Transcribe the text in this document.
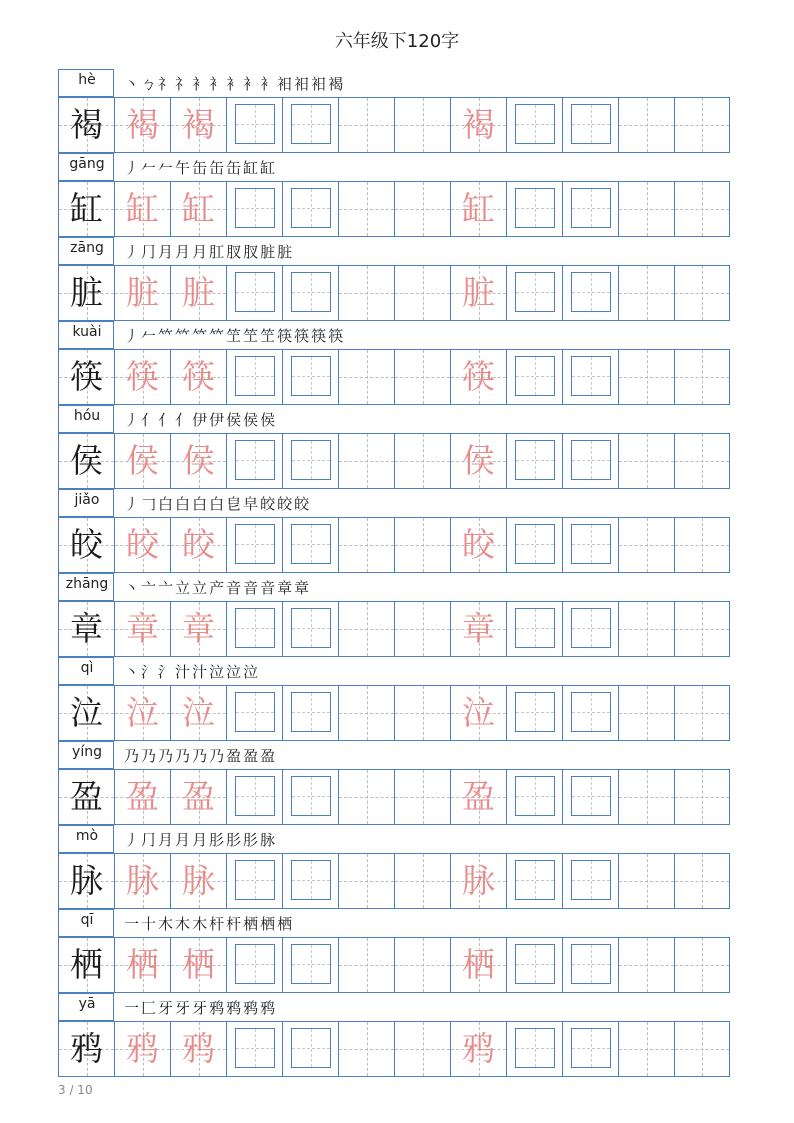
六年级下120字
hè	丶ㄅ礻礻衤衤衤衤衤衵衵衵褐
褐 褐 褐	褐
gāng	丿𠂉𠂉午缶缶缶缸缸
缸 缸 缸	缸
zāng	丿⺆月月月肛肞肞脏脏
脏 脏 脏	脏
kuài	丿𠂉𥫗𥫗𥫗𥫗笁笁笁筷筷筷筷
筷 筷 筷	筷
hóu	丿亻亻亻伊伊侯侯侯
侯 侯 侯	侯
jiǎo	丿𠃌白白白白皀皁皎皎皎
皎 皎 皎	皎
zhāng	丶亠亠立立产音音音章章
章 章 章	章
qì	丶氵氵汁汁泣泣泣
泣 泣 泣	泣
yíng	乃乃乃乃乃乃盈盈盈
盈 盈 盈	盈
mò	丿⺆月月月肜肜肜脉
脉 脉 脉	脉
qī	一十木木木杆杆栖栖栖
栖 栖 栖	栖
yā	一匚牙牙牙鸦鸦鸦鸦
鸦 鸦 鸦	鸦
3 / 10
